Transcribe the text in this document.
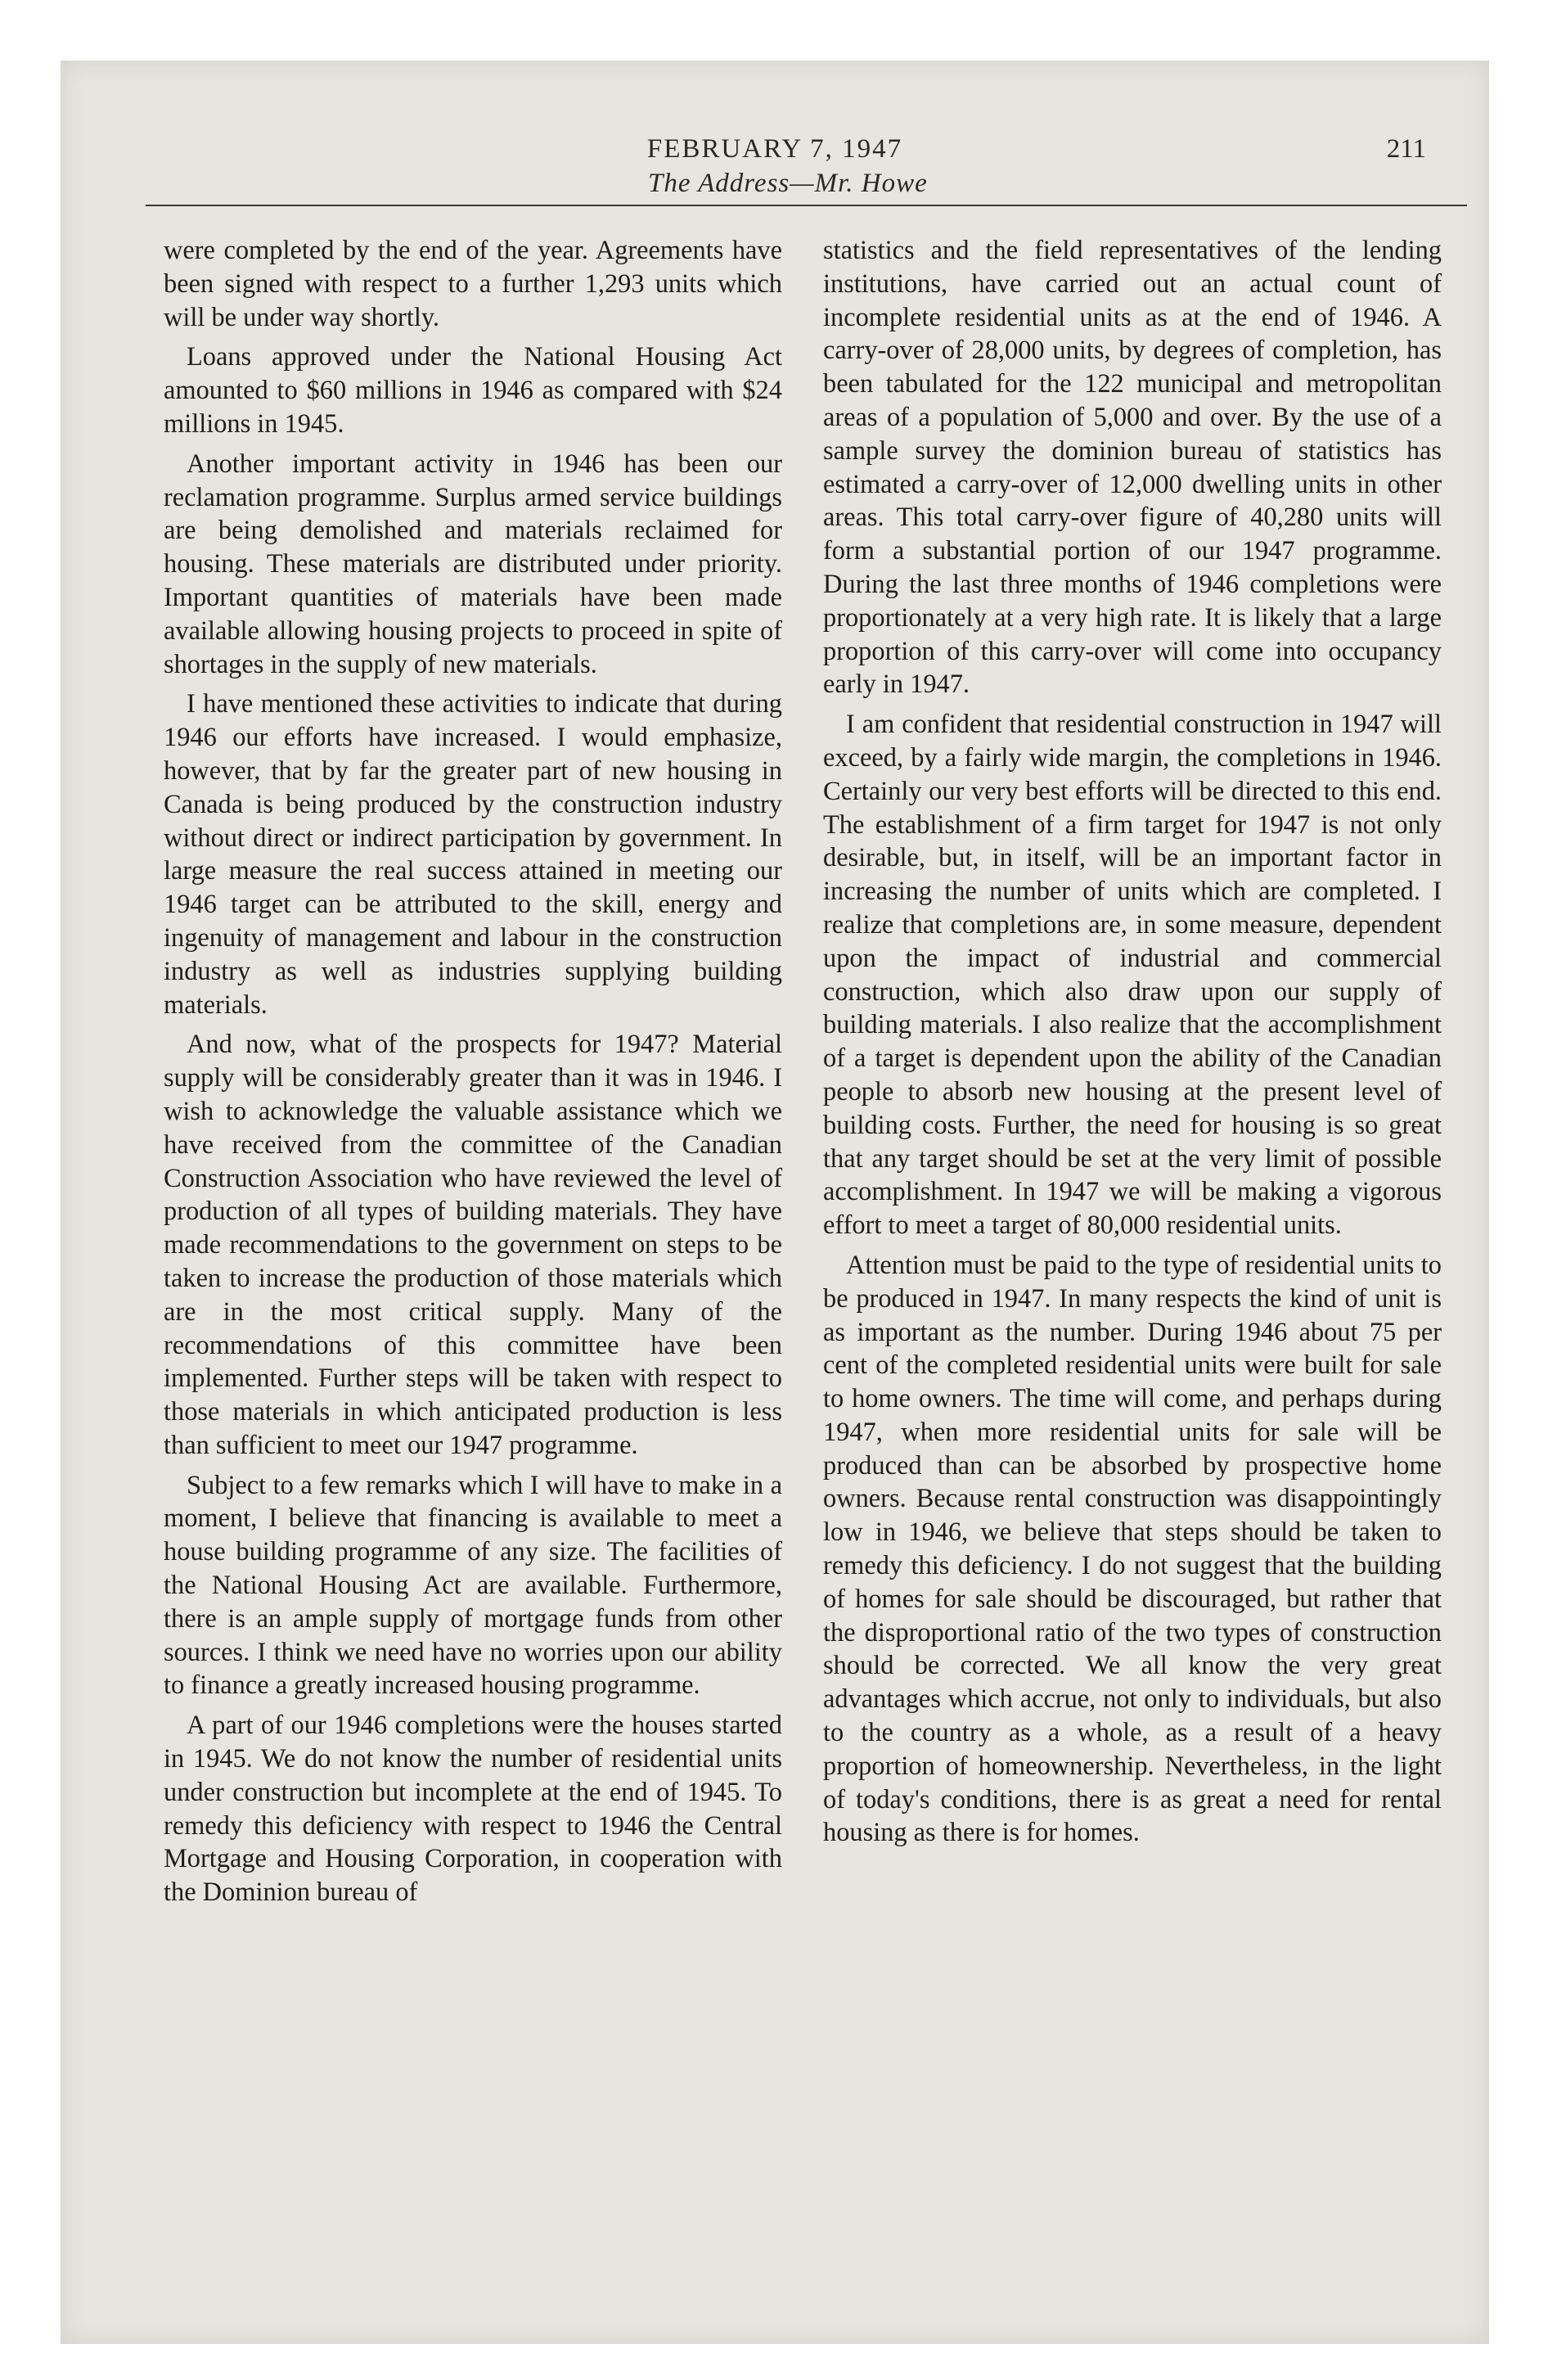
FEBRUARY 7, 1947	211
The Address—Mr. Howe

were completed by the end of the year. Agreements have been signed with respect to a further 1,293 units which will be under way shortly.

Loans approved under the National Housing Act amounted to $60 millions in 1946 as compared with $24 millions in 1945.

Another important activity in 1946 has been our reclamation programme. Surplus armed service buildings are being demolished and materials reclaimed for housing. These materials are distributed under priority. Important quantities of materials have been made available allowing housing projects to proceed in spite of shortages in the supply of new materials.

I have mentioned these activities to indicate that during 1946 our efforts have increased. I would emphasize, however, that by far the greater part of new housing in Canada is being produced by the construction industry without direct or indirect participation by government. In large measure the real success attained in meeting our 1946 target can be attributed to the skill, energy and ingenuity of management and labour in the construction industry as well as industries supplying building materials.

And now, what of the prospects for 1947? Material supply will be considerably greater than it was in 1946. I wish to acknowledge the valuable assistance which we have received from the committee of the Canadian Construction Association who have reviewed the level of production of all types of building materials. They have made recommendations to the government on steps to be taken to increase the production of those materials which are in the most critical supply. Many of the recommendations of this committee have been implemented. Further steps will be taken with respect to those materials in which anticipated production is less than sufficient to meet our 1947 programme.

Subject to a few remarks which I will have to make in a moment, I believe that financing is available to meet a house building programme of any size. The facilities of the National Housing Act are available. Furthermore, there is an ample supply of mortgage funds from other sources. I think we need have no worries upon our ability to finance a greatly increased housing programme.

A part of our 1946 completions were the houses started in 1945. We do not know the number of residential units under construction but incomplete at the end of 1945. To remedy this deficiency with respect to 1946 the Central Mortgage and Housing Corporation, in cooperation with the Dominion bureau of

statistics and the field representatives of the lending institutions, have carried out an actual count of incomplete residential units as at the end of 1946. A carry-over of 28,000 units, by degrees of completion, has been tabulated for the 122 municipal and metropolitan areas of a population of 5,000 and over. By the use of a sample survey the dominion bureau of statistics has estimated a carry-over of 12,000 dwelling units in other areas. This total carry-over figure of 40,280 units will form a substantial portion of our 1947 programme. During the last three months of 1946 completions were proportionately at a very high rate. It is likely that a large proportion of this carry-over will come into occupancy early in 1947.

I am confident that residential construction in 1947 will exceed, by a fairly wide margin, the completions in 1946. Certainly our very best efforts will be directed to this end. The establishment of a firm target for 1947 is not only desirable, but, in itself, will be an important factor in increasing the number of units which are completed. I realize that completions are, in some measure, dependent upon the impact of industrial and commercial construction, which also draw upon our supply of building materials. I also realize that the accomplishment of a target is dependent upon the ability of the Canadian people to absorb new housing at the present level of building costs. Further, the need for housing is so great that any target should be set at the very limit of possible accomplishment. In 1947 we will be making a vigorous effort to meet a target of 80,000 residential units.

Attention must be paid to the type of residential units to be produced in 1947. In many respects the kind of unit is as important as the number. During 1946 about 75 per cent of the completed residential units were built for sale to home owners. The time will come, and perhaps during 1947, when more residential units for sale will be produced than can be absorbed by prospective home owners. Because rental construction was disappointingly low in 1946, we believe that steps should be taken to remedy this deficiency. I do not suggest that the building of homes for sale should be discouraged, but rather that the disproportional ratio of the two types of construction should be corrected. We all know the very great advantages which accrue, not only to individuals, but also to the country as a whole, as a result of a heavy proportion of homeownership. Nevertheless, in the light of today's conditions, there is as great a need for rental housing as there is for homes.
